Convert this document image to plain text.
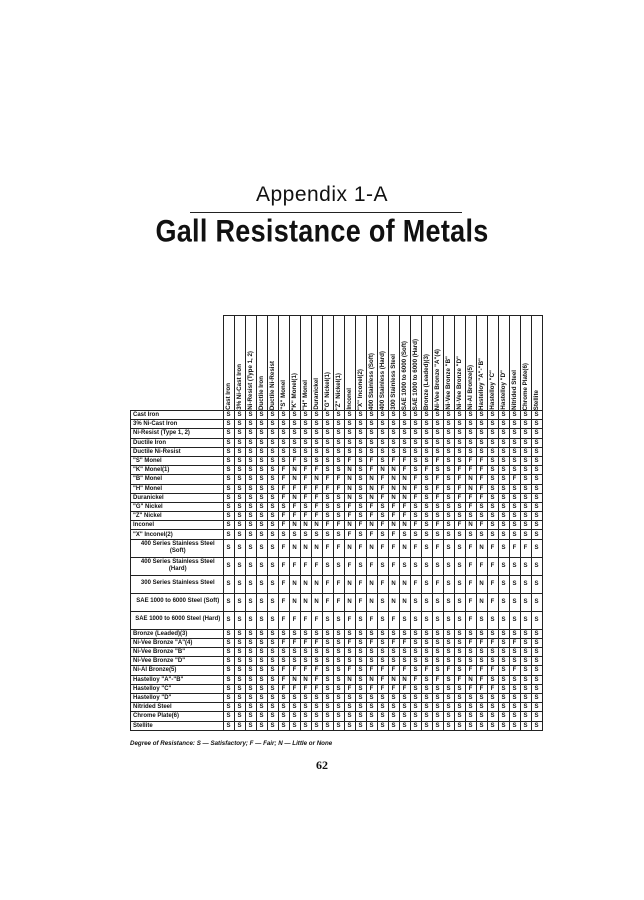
Appendix 1-A
Gall Resistance of Metals

	Cast Iron	3% Ni-Cast Iron	Ni-Resist (Type 1, 2)	Ductile Iron	Ductile Ni-Resist	"S" Monel	"K" Monel(1)	"H" Monel	Duranickel	"G" Nickel(1)	"Z" Nickel(1)	Inconel	"X" Inconel(2)	400 Stainless (Soft)	400 Stainless (Hard)	300 Stainless Steel	SAE 1000 to 6000 (Soft)	SAE 1000 to 6000 (Hard)	Bronze (Leaded)(3)	Ni-Vee Bronze "A"(4)	Ni-Vee Bronze "B"	Ni-Vee Bronze "D"	Ni-Al Bronze(5)	Hastelloy "A"-"B"	Hastelloy "C"	Hastelloy "D"	Nitrided Steel	Chrome Plate(6)	Stellite

Cast Iron	S	S	S	S	S	S	S	S	S	S	S	S	S	S	S	S	S	S	S	S	S	S	S	S	S	S	S	S	S
3% Ni-Cast Iron	S	S	S	S	S	S	S	S	S	S	S	S	S	S	S	S	S	S	S	S	S	S	S	S	S	S	S	S	S
Ni-Resist (Type 1, 2)	S	S	S	S	S	S	S	S	S	S	S	S	S	S	S	S	S	S	S	S	S	S	S	S	S	S	S	S	S
Ductile Iron	S	S	S	S	S	S	S	S	S	S	S	S	S	S	S	S	S	S	S	S	S	S	S	S	S	S	S	S	S
Ductile Ni-Resist	S	S	S	S	S	S	S	S	S	S	S	S	S	S	S	S	S	S	S	S	S	S	S	S	S	S	S	S	S
"S" Monel	S	S	S	S	S	S	F	S	S	S	S	F	S	F	S	F	F	S	S	F	S	S	F	F	S	S	S	S	S
"K" Monel(1)	S	S	S	S	S	F	N	F	F	S	S	N	S	F	N	N	F	S	F	S	S	F	F	F	S	S	S	S	S
"B" Monel	S	S	S	S	S	F	N	F	N	F	F	N	S	N	F	N	N	F	S	F	S	F	N	F	S	S	F	S	S
"H" Monel	S	S	S	S	S	F	F	F	F	F	F	N	S	N	F	N	N	F	S	F	S	F	N	F	S	S	S	S	S
Duranickel	S	S	S	S	S	F	N	F	F	S	S	N	S	N	F	N	N	F	S	F	S	F	F	F	S	S	S	S	S
"G" Nickel	S	S	S	S	S	S	F	S	F	S	S	F	S	F	S	F	F	S	S	S	S	S	F	S	S	S	S	S	S
"Z" Nickel	S	S	S	S	S	F	F	F	F	S	S	F	S	F	S	F	F	S	S	S	S	S	S	S	S	S	S	S	S
Inconel	S	S	S	S	S	F	N	N	N	F	F	N	F	N	F	N	N	F	S	F	S	F	N	F	S	S	S	S	S
"X" Inconel(2)	S	S	S	S	S	S	S	S	S	S	S	F	S	F	S	F	S	S	S	S	S	S	S	S	S	S	S	S	S
400 Series Stainless Steel (Soft)	S	S	S	S	S	F	N	N	N	F	F	N	F	N	F	F	N	F	S	F	S	S	F	N	F	S	F	F	S
400 Series Stainless Steel (Hard)	S	S	S	S	S	F	F	F	F	S	S	F	S	F	S	F	S	S	S	S	S	S	F	F	F	S	S	S	S
300 Series Stainless Steel	S	S	S	S	S	F	N	N	N	F	F	N	F	N	F	N	N	F	S	F	S	S	F	N	F	S	S	S	S
SAE 1000 to 6000 Steel (Soft)	S	S	S	S	S	F	N	N	N	F	F	N	F	N	S	N	N	S	S	S	S	S	F	N	F	S	S	S	S
SAE 1000 to 6000 Steel (Hard)	S	S	S	S	S	F	F	F	F	S	S	F	S	F	S	F	S	S	S	S	S	S	F	S	S	S	S	S	S
Bronze (Leaded)(3)	S	S	S	S	S	S	S	S	S	S	S	S	S	S	S	S	S	S	S	S	S	S	S	S	S	S	S	S	S
Ni-Vee Bronze "A"(4)	S	S	S	S	S	F	F	F	F	S	S	F	S	F	S	F	F	S	S	S	S	S	F	F	F	S	F	S	S
Ni-Vee Bronze "B"	S	S	S	S	S	S	S	S	S	S	S	S	S	S	S	S	S	S	S	S	S	S	S	S	S	S	S	S	S
Ni-Vee Bronze "D"	S	S	S	S	S	S	S	S	S	S	S	S	S	S	S	S	S	S	S	S	S	S	S	S	S	S	S	S	S
Ni-Al Bronze(5)	S	S	S	S	S	F	F	F	F	S	S	F	S	F	F	F	F	S	F	S	F	S	F	F	F	S	F	S	S
Hastelloy "A"-"B"	S	S	S	S	S	F	N	N	F	S	S	N	S	N	F	N	N	F	S	F	S	F	N	F	S	S	S	S	S
Hastelloy "C"	S	S	S	S	S	F	F	F	F	S	S	F	S	F	F	F	F	S	S	S	S	S	F	F	F	S	S	S	S
Hastelloy "D"	S	S	S	S	S	S	S	S	S	S	S	S	S	S	S	S	S	S	S	S	S	S	S	S	S	S	S	S	S
Nitrided Steel	S	S	S	S	S	S	S	S	S	S	S	S	S	S	S	S	S	S	S	S	S	S	S	S	S	S	S	S	S
Chrome Plate(6)	S	S	S	S	S	S	S	S	S	S	S	S	S	S	S	S	S	S	S	S	S	S	S	S	S	S	S	S	S
Stellite	S	S	S	S	S	S	S	S	S	S	S	S	S	S	S	S	S	S	S	S	S	S	S	S	S	S	S	S	S
Degree of Resistance: S — Satisfactory; F — Fair; N — Little or None
62
